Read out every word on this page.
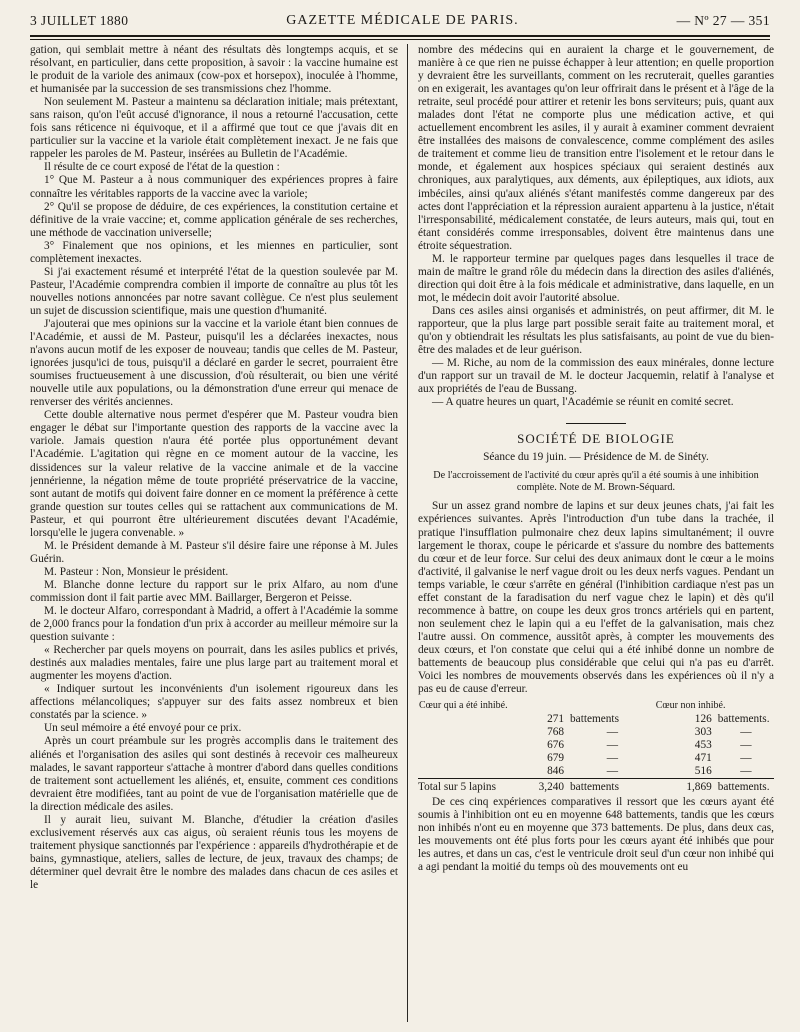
3 JUILLET 1880	GAZETTE MÉDICALE DE PARIS.	— Nº 27 — 351

gation, qui semblait mettre à néant des résultats dès longtemps acquis, et se résolvant, en particulier, dans cette proposition, à savoir : la vaccine humaine est le produit de la variole des animaux (cow-pox et horsepox), inoculée à l'homme, et humanisée par la succession de ses transmissions chez l'homme.

Non seulement M. Pasteur a maintenu sa déclaration initiale; mais prétextant, sans raison, qu'on l'eût accusé d'ignorance, il nous a retourné l'accusation, cette fois sans réticence ni équivoque, et il a affirmé que tout ce que j'avais dit en particulier sur la vaccine et la variole était complètement inexact. Je ne fais que rappeler les paroles de M. Pasteur, insérées au Bulletin de l'Académie.

Il résulte de ce court exposé de l'état de la question :

1° Que M. Pasteur a à nous communiquer des expériences propres à faire connaître les véritables rapports de la vaccine avec la variole;

2° Qu'il se propose de déduire, de ces expériences, la constitution certaine et définitive de la vraie vaccine; et, comme application générale de ses recherches, une méthode de vaccination universelle;

3° Finalement que nos opinions, et les miennes en particulier, sont complètement inexactes.

Si j'ai exactement résumé et interprété l'état de la question soulevée par M. Pasteur, l'Académie comprendra combien il importe de connaître au plus tôt les nouvelles notions annoncées par notre savant collègue. Ce n'est plus seulement un sujet de discussion scientifique, mais une question d'humanité.

J'ajouterai que mes opinions sur la vaccine et la variole étant bien connues de l'Académie, et aussi de M. Pasteur, puisqu'il les a déclarées inexactes, nous n'avons aucun motif de les exposer de nouveau; tandis que celles de M. Pasteur, ignorées jusqu'ici de tous, puisqu'il a déclaré en garder le secret, pourraient être soumises fructueusement à une discussion, d'où résulterait, ou bien une vérité nouvelle utile aux populations, ou la démonstration d'une erreur qui menace de renverser des vérités anciennes.

Cette double alternative nous permet d'espérer que M. Pasteur voudra bien engager le débat sur l'importante question des rapports de la vaccine avec la variole. Jamais question n'aura été portée plus opportunément devant l'Académie. L'agitation qui règne en ce moment autour de la vaccine, les dissidences sur la valeur relative de la vaccine animale et de la vaccine jennérienne, la négation même de toute propriété préservatrice de la vaccine, sont autant de motifs qui doivent faire donner en ce moment la préférence à cette grande question sur toutes celles qui se rattachent aux communications de M. Pasteur, et qui pourront être ultérieurement discutées devant l'Académie, lorsqu'elle le jugera convenable. »

M. le Président demande à M. Pasteur s'il désire faire une réponse à M. Jules Guérin.

M. Pasteur : Non, Monsieur le président.

M. Blanche donne lecture du rapport sur le prix Alfaro, au nom d'une commission dont il fait partie avec MM. Baillarger, Bergeron et Peisse.

M. le docteur Alfaro, correspondant à Madrid, a offert à l'Académie la somme de 2,000 francs pour la fondation d'un prix à accorder au meilleur mémoire sur la question suivante :

« Rechercher par quels moyens on pourrait, dans les asiles publics et privés, destinés aux maladies mentales, faire une plus large part au traitement moral et augmenter les moyens d'action.

« Indiquer surtout les inconvénients d'un isolement rigoureux dans les affections mélancoliques; s'appuyer sur des faits assez nombreux et bien constatés par la science. »

Un seul mémoire a été envoyé pour ce prix.

Après un court préambule sur les progrès accomplis dans le traitement des aliénés et l'organisation des asiles qui sont destinés à recevoir ces malheureux malades, le savant rapporteur s'attache à montrer d'abord dans quelles conditions de traitement sont actuellement les aliénés, et, ensuite, comment ces conditions devraient être modifiées, tant au point de vue de l'organisation matérielle que de la direction médicale des asiles.

Il y aurait lieu, suivant M. Blanche, d'étudier la création d'asiles exclusivement réservés aux cas aigus, où seraient réunis tous les moyens de traitement physique sanctionnés par l'expérience : appareils d'hydrothérapie et de bains, gymnastique, ateliers, salles de lecture, de jeux, travaux des champs; de déterminer quel devrait être le nombre des malades dans chacun de ces asiles et le

nombre des médecins qui en auraient la charge et le gouvernement, de manière à ce que rien ne puisse échapper à leur attention; en quelle proportion y devraient être les surveillants, comment on les recruterait, quelles garanties on en exigerait, les avantages qu'on leur offrirait dans le présent et à l'âge de la retraite, seul procédé pour attirer et retenir les bons serviteurs; puis, quant aux malades dont l'état ne comporte plus une médication active, et qui actuellement encombrent les asiles, il y aurait à examiner comment devraient être installées des maisons de convalescence, comme complément des asiles de traitement et comme lieu de transition entre l'isolement et le retour dans le monde, et également aux hospices spéciaux qui seraient destinés aux chroniques, aux paralytiques, aux déments, aux épileptiques, aux idiots, aux imbéciles, ainsi qu'aux aliénés s'étant manifestés comme dangereux par des actes dont l'appréciation et la répression auraient appartenu à la justice, n'était l'irresponsabilité, médicalement constatée, de leurs auteurs, mais qui, tout en étant considérés comme irresponsables, doivent être maintenus dans une étroite séquestration.

M. le rapporteur termine par quelques pages dans lesquelles il trace de main de maître le grand rôle du médecin dans la direction des asiles d'aliénés, direction qui doit être à la fois médicale et administrative, dans laquelle, en un mot, le médecin doit avoir l'autorité absolue.

Dans ces asiles ainsi organisés et administrés, on peut affirmer, dit M. le rapporteur, que la plus large part possible serait faite au traitement moral, et qu'on y obtiendrait les résultats les plus satisfaisants, au point de vue du bien-être des malades et de leur guérison.

— M. Riche, au nom de la commission des eaux minérales, donne lecture d'un rapport sur un travail de M. le docteur Jacquemin, relatif à l'analyse et aux propriétés de l'eau de Bussang.

— A quatre heures un quart, l'Académie se réunit en comité secret.

SOCIÉTÉ DE BIOLOGIE
Séance du 19 juin. — Présidence de M. de Sinéty.

De l'accroissement de l'activité du cœur après qu'il a été soumis à une inhibition complète. Note de M. Brown-Séquard.

Sur un assez grand nombre de lapins et sur deux jeunes chats, j'ai fait les expériences suivantes. Après l'introduction d'un tube dans la trachée, il pratique l'insufflation pulmonaire chez deux lapins simultanément; il ouvre largement le thorax, coupe le péricarde et s'assure du nombre des battements du cœur et de leur force. Sur celui des deux animaux dont le cœur a le moins d'activité, il galvanise le nerf vague droit ou les deux nerfs vagues. Pendant un temps variable, le cœur s'arrête en général (l'inhibition cardiaque n'est pas un effet constant de la faradisation du nerf vague chez le lapin) et dès qu'il recommence à battre, on coupe les deux gros troncs artériels qui en partent, non seulement chez le lapin qui a eu l'effet de la galvanisation, mais chez l'autre aussi. On commence, aussitôt après, à compter les mouvements des deux cœurs, et l'on constate que celui qui a été inhibé donne un nombre de battements de beaucoup plus considérable que celui qui n'a pas eu d'arrêt. Voici les nombres de mouvements observés dans les expériences où il n'y a pas eu de cause d'erreur.

Cœur qui a été inhibé.			Cœur non inhibé.	
	271	battements	126	battements.
	768	—	303	—
	676	—	453	—
	679	—	471	—
	846	—	516	—
Total sur 5 lapins	3,240	battements	1,869	battements.

De ces cinq expériences comparatives il ressort que les cœurs ayant été soumis à l'inhibition ont eu en moyenne 648 battements, tandis que les cœurs non inhibés n'ont eu en moyenne que 373 battements. De plus, dans deux cas, les mouvements ont été plus forts pour les cœurs ayant été inhibés que pour les autres, et dans un cas, c'est le ventricule droit seul d'un cœur non inhibé qui a agi pendant la moitié du temps où des mouvements ont eu
